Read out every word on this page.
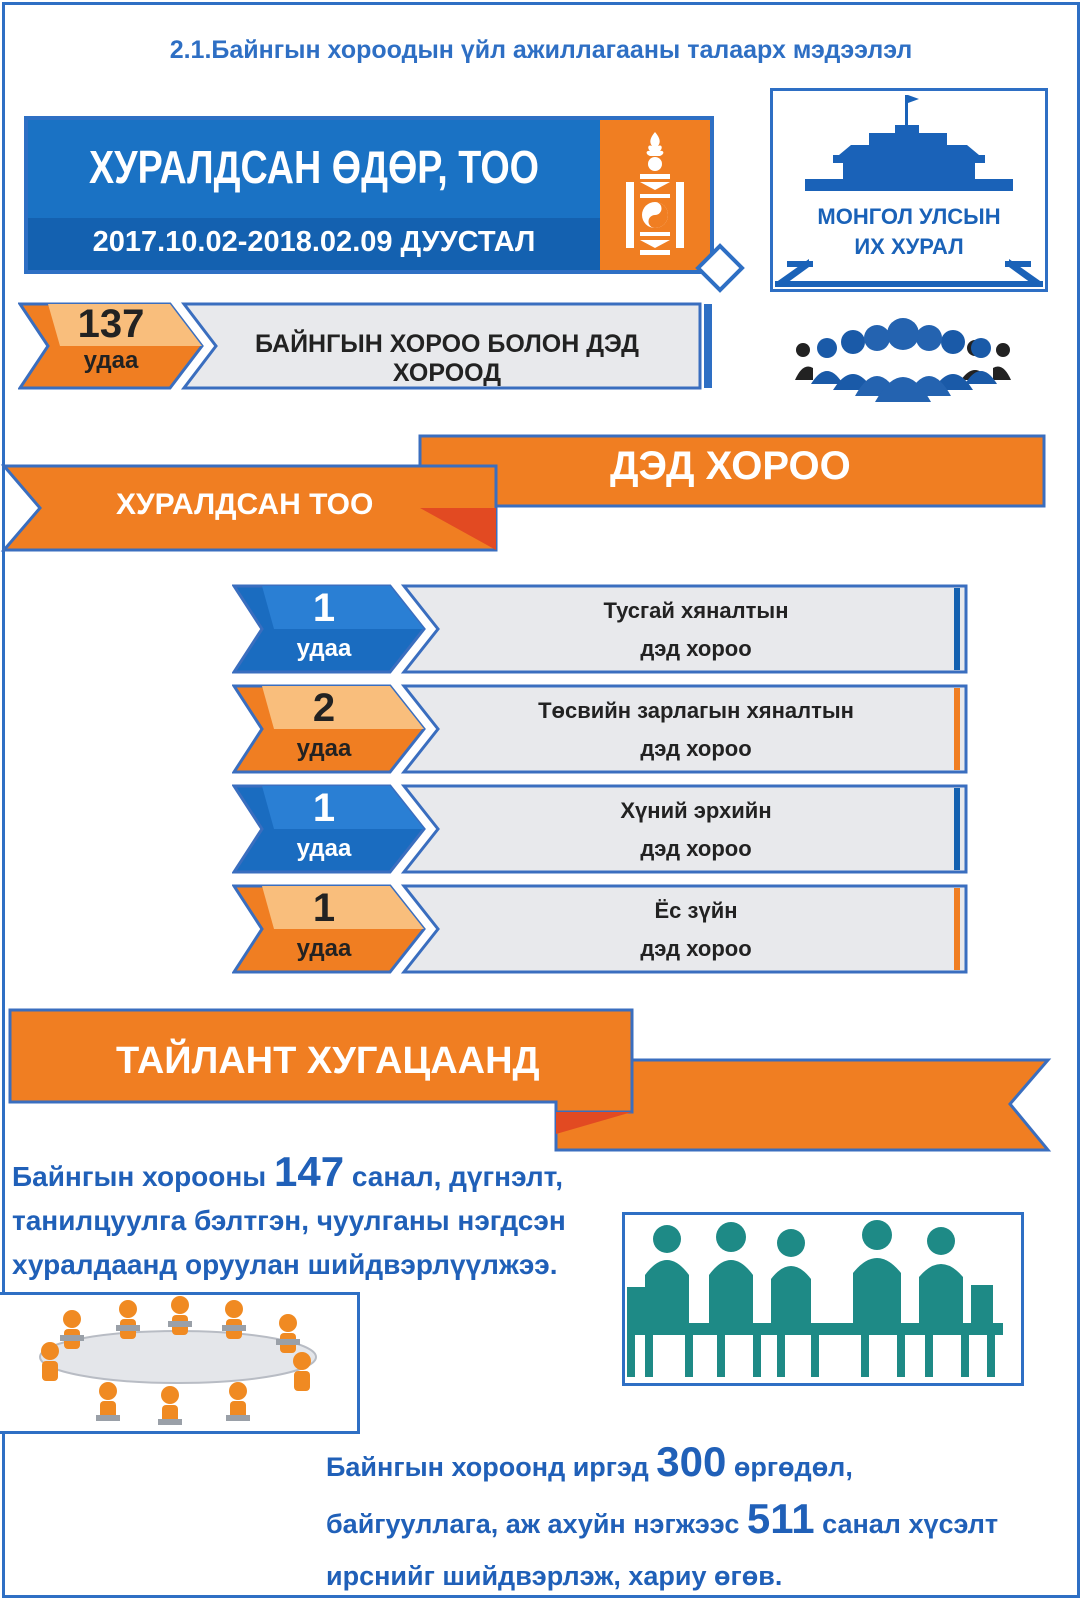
2.1.Байнгын хороодын үйл ажиллагааны талаарх мэдээлэл
ХУРАЛДСАН ӨДӨР, ТОО
2017.10.02-2018.02.09 ДУУСТАЛ
МОНГОЛ УЛСЫН
ИХ ХУРАЛ
137
удаа
БАЙНГЫН ХОРОО БОЛОН ДЭД ХОРООД
ДЭД ХОРОО
ХУРАЛДСАН ТОО
1
удаа
Тусгай хяналтын
дэд хороо
2
удаа
Төсвийн зарлагын хяналтын
дэд хороо
1
удаа
Хүний эрхийн
дэд хороо
1
удаа
Ёс зүйн
дэд хороо
ТАЙЛАНТ ХУГАЦААНД
Байнгын хорооны 147 санал, дүгнэлт,
танилцуулга бэлтгэн, чуулганы нэгдсэн
хуралдаанд оруулан шийдвэрлүүлжээ.
Байнгын хороонд иргэд 300 өргөдөл,
байгууллага, аж ахуйн нэгжээс 511 санал хүсэлт
ирснийг шийдвэрлэж, хариу өгөв.
